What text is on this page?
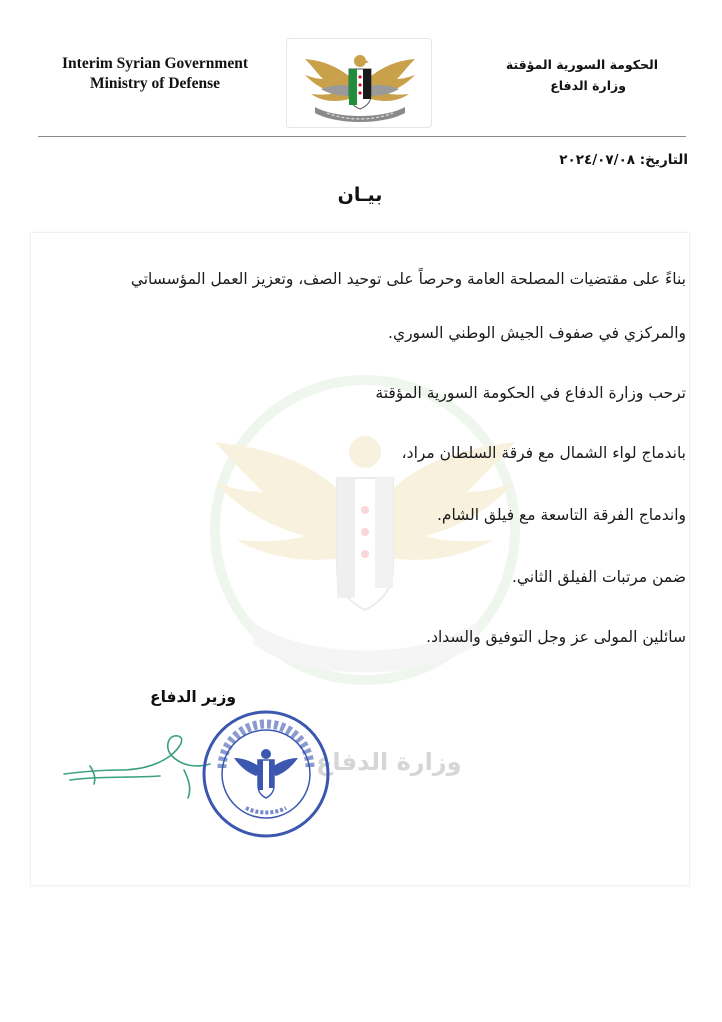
Interim Syrian Government
Ministry of Defense
الحكومة السورية المؤقتة
وزارة الدفاع
التاريخ: ٢٠٢٤/٠٧/٠٨
بيـان
وزارة الدفاع
بناءً على مقتضيات المصلحة العامة وحرصاً على توحيد الصف، وتعزيز العمل المؤسساتي
والمركزي في صفوف الجيش الوطني السوري.
ترحب وزارة الدفاع في الحكومة السورية المؤقتة
باندماج لواء الشمال مع فرقة السلطان مراد،
واندماج الفرقة التاسعة مع فيلق الشام.
ضمن مرتبات الفيلق الثاني.
سائلين المولى عز وجل التوفيق والسداد.
وزير الدفاع
